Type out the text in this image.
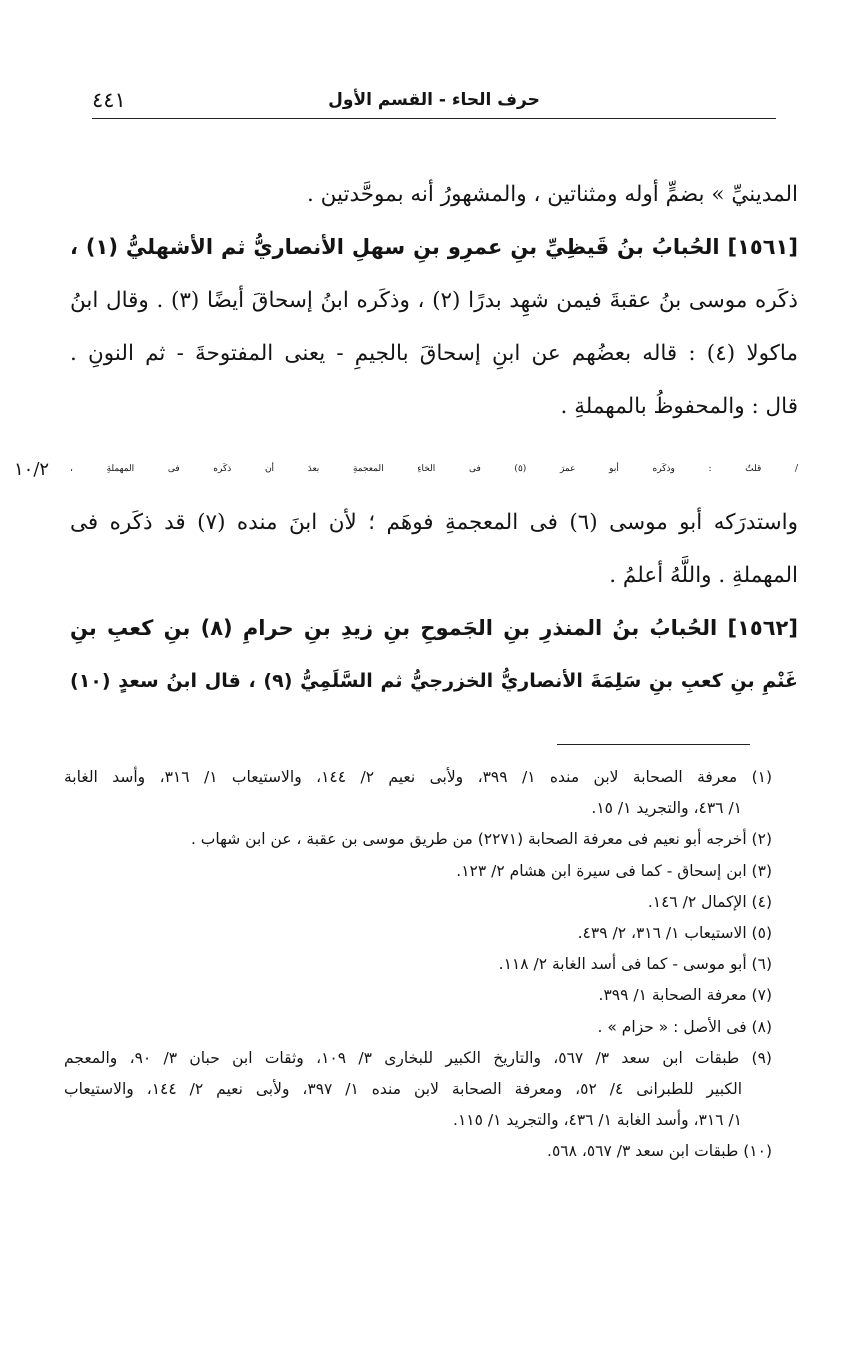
حرف الحاء - القسم الأول
٤٤١
المدينيِّ » بضمٍّ أوله ومثناتين ، والمشهورُ أنه بموحَّدتين .
[١٥٦١] الحُبابُ بنُ قَيظِيِّ بنِ عمرِو بنِ سهلِ الأنصاريُّ ثم الأشهليُّ (١) ،
ذكَره موسى بنُ عقبةَ فيمن شهِد بدرًا (٢) ، وذكَره ابنُ إسحاقَ أيضًا (٣) . وقال ابنُ
ماكولا (٤) : قاله بعضُهم عن ابنِ إسحاقَ بالجيمِ - يعنى المفتوحةَ - ثم النونِ .
قال : والمحفوظُ بالمهملةِ .
/ قلتُ : وذكَره أبو عمرَ (٥) فى الخاءِ المعجمةِ بعدَ أن ذكَره فى المهملةِ ،
١٠/٢
واستدرَكه أبو موسى (٦) فى المعجمةِ فوهَم ؛ لأن ابنَ منده (٧) قد ذكَره فى
المهملةِ . واللَّهُ أعلمُ .
[١٥٦٢] الحُبابُ بنُ المنذرِ بنِ الجَموحِ بنِ زيدِ بنِ حرامِ (٨) بنِ كعبِ بنِ
غَنْمِ بنِ كعبِ بنِ سَلِمَةَ الأنصاريُّ الخزرجيُّ ثم السَّلَمِيُّ (٩) ، قال ابنُ سعدٍ (١٠)
(١) معرفة الصحابة لابن منده ١/ ٣٩٩، ولأبى نعيم ٢/ ١٤٤، والاستيعاب ١/ ٣١٦، وأسد الغابة
١/ ٤٣٦، والتجريد ١/ ١٥.
(٢) أخرجه أبو نعيم فى معرفة الصحابة (٢٢٧١) من طريق موسى بن عقبة ، عن ابن شهاب .
(٣) ابن إسحاق - كما فى سيرة ابن هشام ٢/ ١٢٣.
(٤) الإكمال ٢/ ١٤٦.
(٥) الاستيعاب ١/ ٣١٦، ٢/ ٤٣٩.
(٦) أبو موسى - كما فى أسد الغابة ٢/ ١١٨.
(٧) معرفة الصحابة ١/ ٣٩٩.
(٨) فى الأصل : « حزام » .
(٩) طبقات ابن سعد ٣/ ٥٦٧، والتاريخ الكبير للبخارى ٣/ ١٠٩، وثقات ابن حبان ٣/ ٩٠، والمعجم
الكبير للطبرانى ٤/ ٥٢، ومعرفة الصحابة لابن منده ١/ ٣٩٧، ولأبى نعيم ٢/ ١٤٤، والاستيعاب
١/ ٣١٦، وأسد الغابة ١/ ٤٣٦، والتجريد ١/ ١١٥.
(١٠) طبقات ابن سعد ٣/ ٥٦٧، ٥٦٨.
